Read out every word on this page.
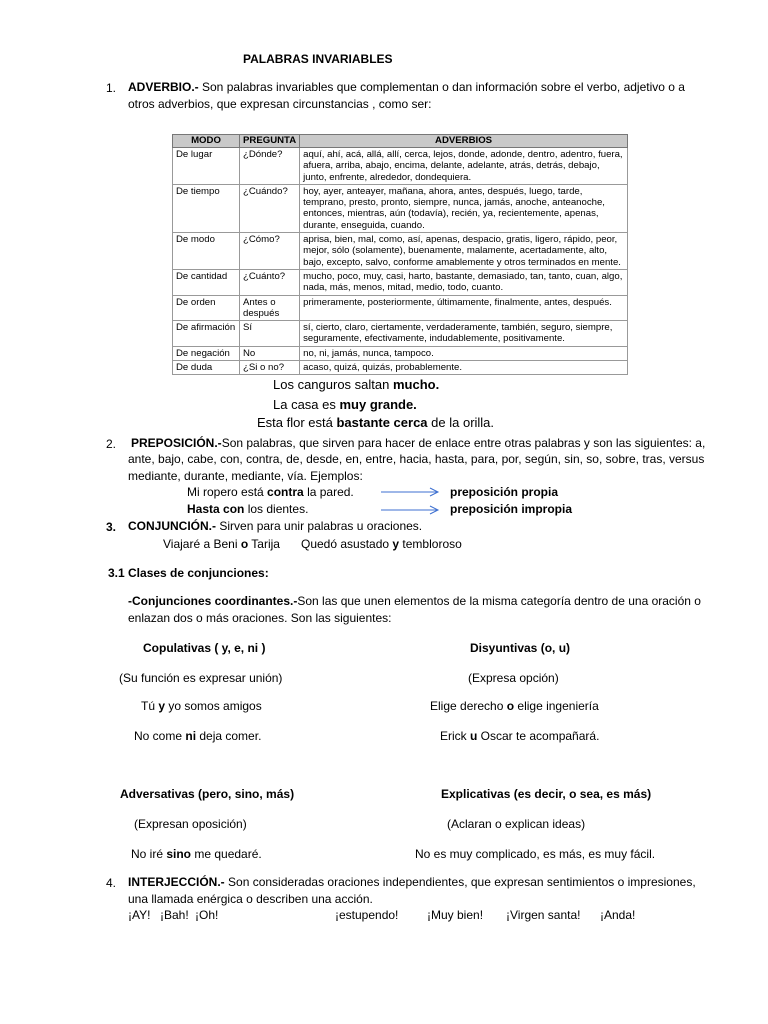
PALABRAS INVARIABLES
1. ADVERBIO.- Son palabras invariables que complementan o dan información sobre el verbo, adjetivo o a
otros adverbios, que expresan circunstancias , como ser:
MODO	PREGUNTA	ADVERBIOS
De lugar	¿Dónde?	aquí, ahí, acá, allá, allí, cerca, lejos, donde, adonde, dentro, adentro, fuera, afuera, arriba, abajo, encima, delante, adelante, atrás, detrás, debajo, junto, enfrente, alrededor, dondequiera.
De tiempo	¿Cuándo?	hoy, ayer, anteayer, mañana, ahora, antes, después, luego, tarde, temprano, presto, pronto, siempre, nunca, jamás, anoche, anteanoche, entonces, mientras, aún (todavía), recién, ya, recientemente, apenas, durante, enseguida, cuando.
De modo	¿Cómo?	aprisa, bien, mal, como, así, apenas, despacio, gratis, ligero, rápido, peor, mejor, sólo (solamente), buenamente, malamente, acertadamente, alto, bajo, excepto, salvo, conforme amablemente y otros terminados en mente.
De cantidad	¿Cuánto?	mucho, poco, muy, casi, harto, bastante, demasiado, tan, tanto, cuan, algo, nada, más, menos, mitad, medio, todo, cuanto.
De orden	Antes o después	primeramente, posteriormente, últimamente, finalmente, antes, después.
De afirmación	Sí	sí, cierto, claro, ciertamente, verdaderamente, también, seguro, siempre, seguramente, efectivamente, indudablemente, positivamente.
De negación	No	no, ni, jamás, nunca, tampoco.
De duda	¿Si o no?	acaso, quizá, quizás, probablemente.
Los canguros saltan mucho.
La casa es muy grande.
Esta flor está bastante cerca de la orilla.
2. PREPOSICIÓN.-Son palabras, que sirven para hacer de enlace entre otras palabras y son las siguientes: a,
ante, bajo, cabe, con, contra, de, desde, en, entre, hacia, hasta, para, por, según, sin, so, sobre, tras, versus
mediante, durante, mediante, vía. Ejemplos:
Mi ropero está contra la pared.	preposición propia
Hasta con los dientes.	preposición impropia
3. CONJUNCIÓN.- Sirven para unir palabras u oraciones.
Viajaré a Beni o Tarija Quedó asustado y tembloroso
3.1 Clases de conjunciones:
-Conjunciones coordinantes.-Son las que unen elementos de la misma categoría dentro de una oración o
enlazan dos o más oraciones. Son las siguientes:
Copulativas ( y, e, ni )	Disyuntivas (o, u)
(Su función es expresar unión)	(Expresa opción)
Tú y yo somos amigos	Elige derecho o elige ingeniería
No come ni deja comer.	Erick u Oscar te acompañará.
Adversativas (pero, sino, más)	Explicativas (es decir, o sea, es más)
(Expresan oposición)	(Aclaran o explican ideas)
No iré sino me quedaré.	No es muy complicado, es más, es muy fácil.
4. INTERJECCIÓN.- Son consideradas oraciones independientes, que expresan sentimientos o impresiones,
una llamada enérgica o describen una acción.
¡AY! ¡Bah! ¡Oh!	¡estupendo! ¡Muy bien! ¡Virgen santa! ¡Anda!
